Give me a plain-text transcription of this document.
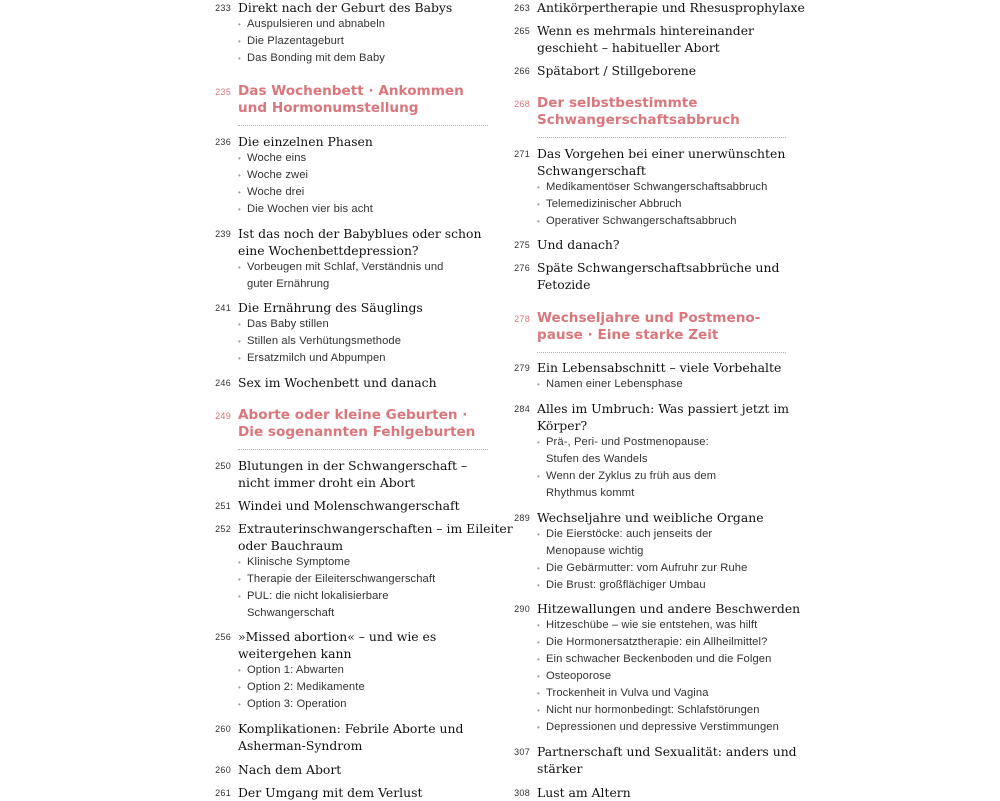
233 Direkt nach der Geburt des Babys
• Auspulsieren und abnabeln
• Die Plazentageburt
• Das Bonding mit dem Baby
235 Das Wochenbett · Ankommen
und Hormonumstellung
236 Die einzelnen Phasen
• Woche eins
• Woche zwei
• Woche drei
• Die Wochen vier bis acht
239 Ist das noch der Babyblues oder schon
eine Wochenbettdepression?
• Vorbeugen mit Schlaf, Verständnis und
guter Ernährung
241 Die Ernährung des Säuglings
• Das Baby stillen
• Stillen als Verhütungsmethode
• Ersatzmilch und Abpumpen
246 Sex im Wochenbett und danach
249 Aborte oder kleine Geburten ·
Die sogenannten Fehlgeburten
250 Blutungen in der Schwangerschaft –
nicht immer droht ein Abort
251 Windei und Molenschwangerschaft
252 Extrauterinschwangerschaften – im Eileiter
oder Bauchraum
• Klinische Symptome
• Therapie der Eileiterschwangerschaft
• PUL: die nicht lokalisierbare
Schwangerschaft
256 »Missed abortion« – und wie es
weitergehen kann
• Option 1: Abwarten
• Option 2: Medikamente
• Option 3: Operation
260 Komplikationen: Febrile Aborte und
Asherman-Syndrom
260 Nach dem Abort
261 Der Umgang mit dem Verlust
263 Antikörpertherapie und Rhesusprophylaxe
265 Wenn es mehrmals hintereinander
geschieht – habitueller Abort
266 Spätabort / Stillgeborene
268 Der selbstbestimmte
Schwangerschaftsabbruch
271 Das Vorgehen bei einer unerwünschten
Schwangerschaft
• Medikamentöser Schwangerschaftsabbruch
• Telemedizinischer Abbruch
• Operativer Schwangerschaftsabbruch
275 Und danach?
276 Späte Schwangerschaftsabbrüche und
Fetozide
278 Wechseljahre und Postmeno-
pause · Eine starke Zeit
279 Ein Lebensabschnitt – viele Vorbehalte
• Namen einer Lebensphase
284 Alles im Umbruch: Was passiert jetzt im
Körper?
• Prä-, Peri- und Postmenopause:
Stufen des Wandels
• Wenn der Zyklus zu früh aus dem
Rhythmus kommt
289 Wechseljahre und weibliche Organe
• Die Eierstöcke: auch jenseits der
Menopause wichtig
• Die Gebärmutter: vom Aufruhr zur Ruhe
• Die Brust: großflächiger Umbau
290 Hitzewallungen und andere Beschwerden
• Hitzeschübe – wie sie entstehen, was hilft
• Die Hormonersatztherapie: ein Allheilmittel?
• Ein schwacher Beckenboden und die Folgen
• Osteoporose
• Trockenheit in Vulva und Vagina
• Nicht nur hormonbedingt: Schlafstörungen
• Depressionen und depressive Verstimmungen
307 Partnerschaft und Sexualität: anders und
stärker
308 Lust am Altern
